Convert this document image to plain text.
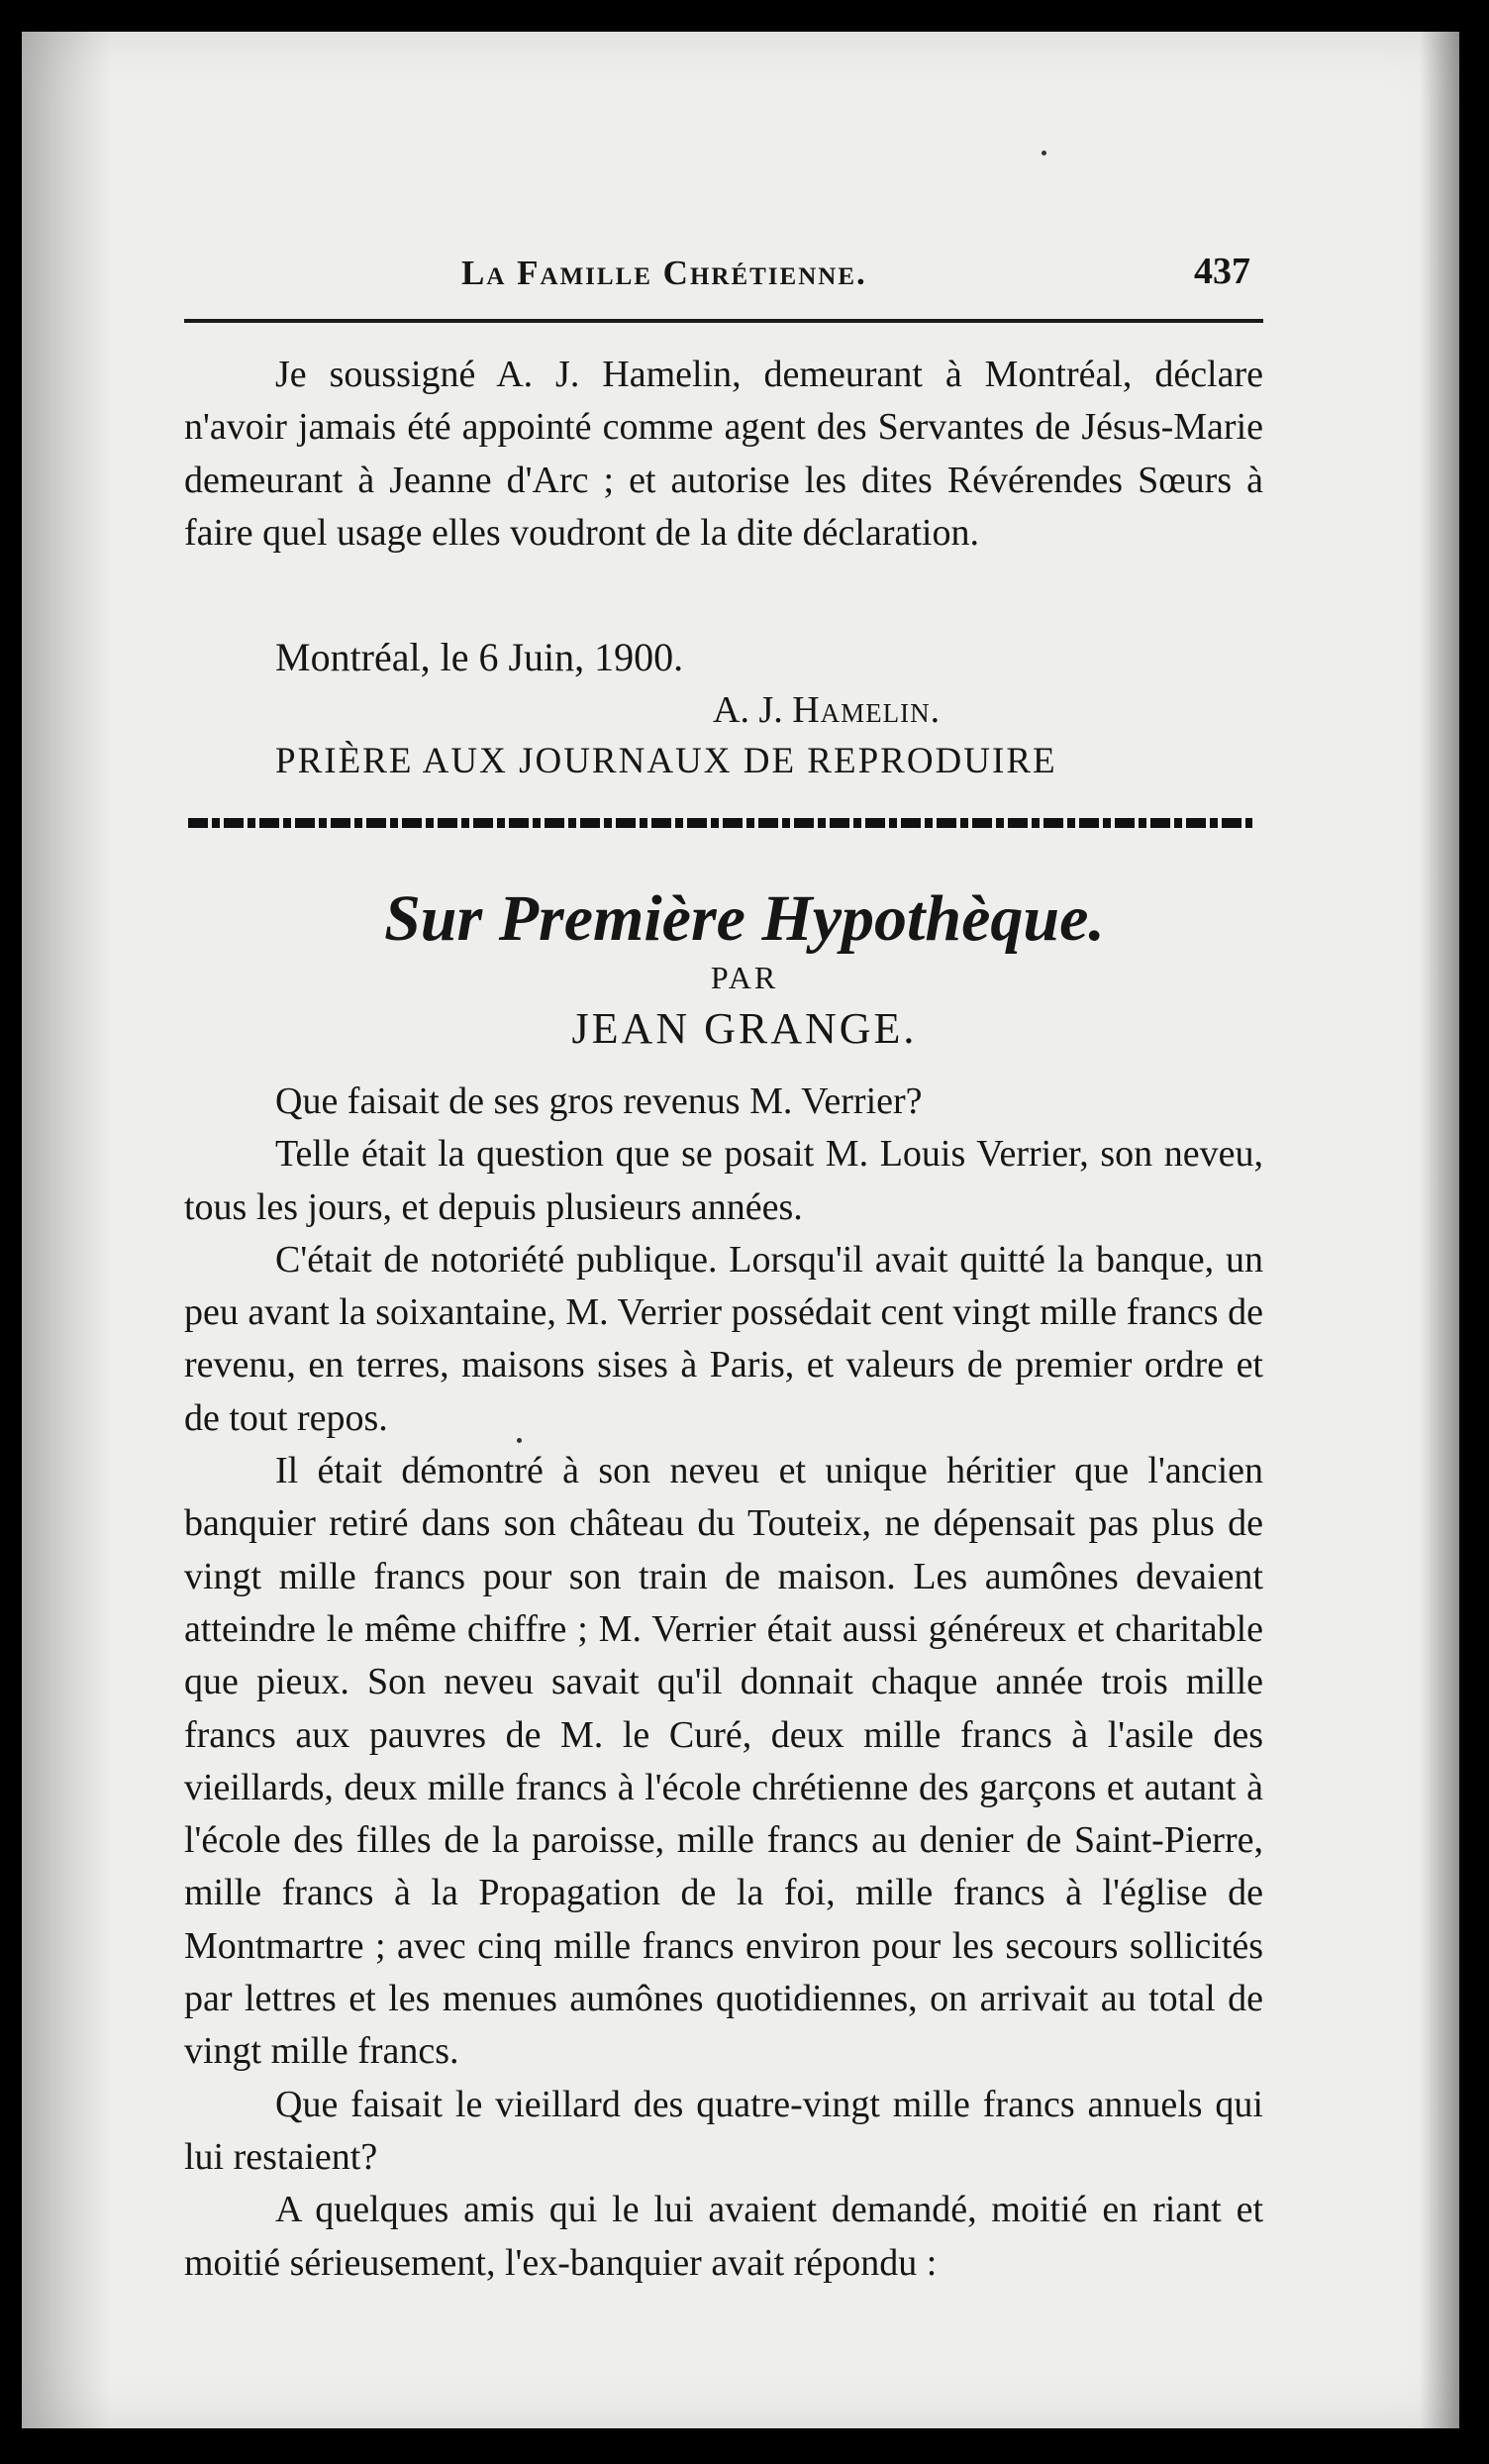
La Famille Chrétienne.	437

Je soussigné A. J. Hamelin, demeurant à Montréal, déclare n'avoir jamais été appointé comme agent des Servantes de Jésus-Marie demeurant à Jeanne d'Arc ; et autorise les dites Révérendes Sœurs à faire quel usage elles voudront de la dite déclaration.

Montréal, le 6 Juin, 1900.
A. J. Hamelin.
PRIÈRE AUX JOURNAUX DE REPRODUIRE
Sur Première Hypothèque.
PAR
JEAN GRANGE.

Que faisait de ses gros revenus M. Verrier?

Telle était la question que se posait M. Louis Verrier, son neveu, tous les jours, et depuis plusieurs années.

C'était de notoriété publique. Lorsqu'il avait quitté la banque, un peu avant la soixantaine, M. Verrier possédait cent vingt mille francs de revenu, en terres, maisons sises à Paris, et valeurs de premier ordre et de tout repos.

Il était démontré à son neveu et unique héritier que l'ancien banquier retiré dans son château du Touteix, ne dépensait pas plus de vingt mille francs pour son train de maison. Les aumônes devaient atteindre le même chiffre ; M. Verrier était aussi généreux et charitable que pieux. Son neveu savait qu'il donnait chaque année trois mille francs aux pauvres de M. le Curé, deux mille francs à l'asile des vieillards, deux mille francs à l'école chrétienne des garçons et autant à l'école des filles de la paroisse, mille francs au denier de Saint-Pierre, mille francs à la Propagation de la foi, mille francs à l'église de Montmartre ; avec cinq mille francs environ pour les secours sollicités par lettres et les menues aumônes quotidiennes, on arrivait au total de vingt mille francs.

Que faisait le vieillard des quatre-vingt mille francs annuels qui lui restaient?

A quelques amis qui le lui avaient demandé, moitié en riant et moitié sérieusement, l'ex-banquier avait répondu :
